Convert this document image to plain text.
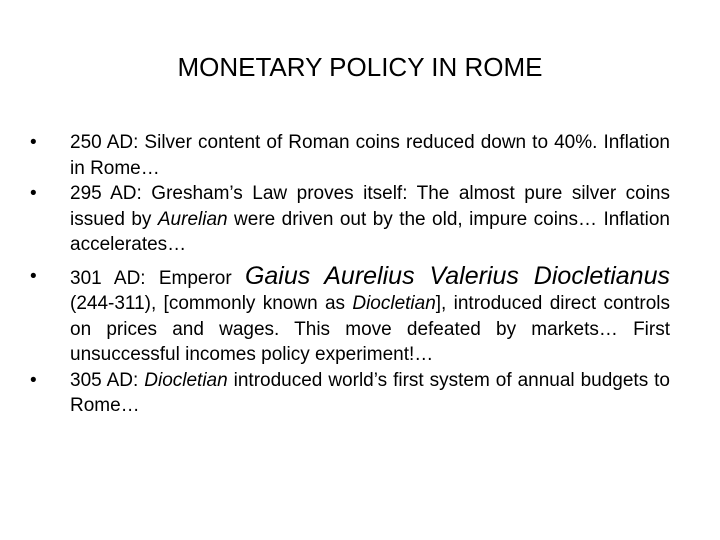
MONETARY POLICY IN ROME
• 250 AD: Silver content of Roman coins reduced down to 40%. Inflation in Rome…
• 295 AD: Gresham’s Law proves itself: The almost pure silver coins issued by Aurelian were driven out by the old, impure coins… Inflation accelerates…
• 301 AD: Emperor Gaius Aurelius Valerius Diocletianus (244-311), [commonly known as Diocletian], introduced direct controls on prices and wages. This move defeated by markets… First unsuccessful incomes policy experiment!…
• 305 AD: Diocletian introduced world’s first system of annual budgets to Rome…
